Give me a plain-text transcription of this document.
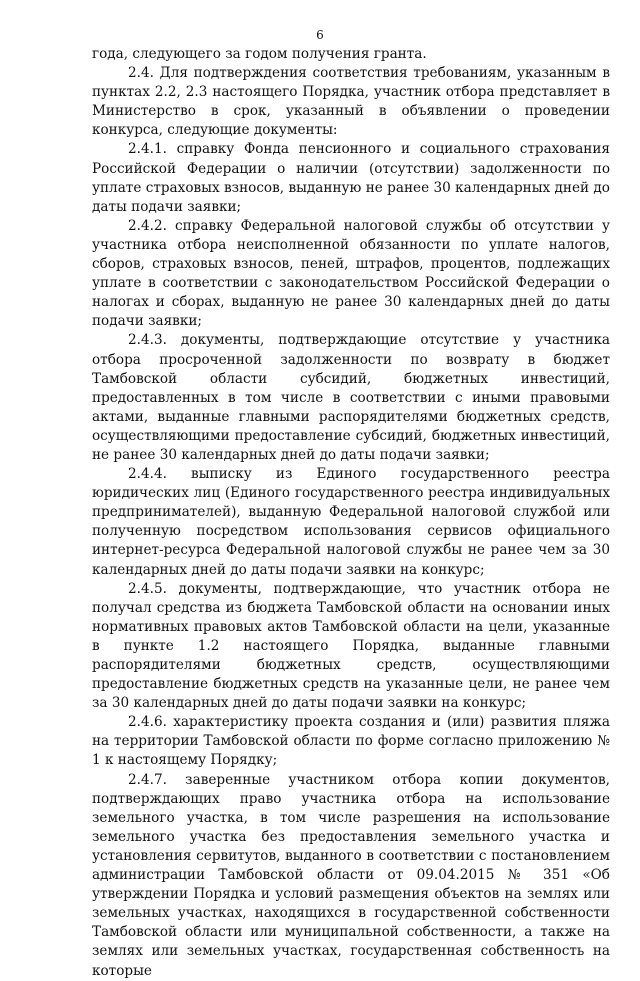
6

года, следующего за годом получения гранта.

2.4. Для подтверждения соответствия требованиям, указанным в пунктах 2.2, 2.3 настоящего Порядка, участник отбора представляет в Министерство в срок, указанный в объявлении о проведении конкурса, следующие документы:

2.4.1. справку Фонда пенсионного и социального страхования Российской Федерации о наличии (отсутствии) задолженности по уплате страховых взносов, выданную не ранее 30 календарных дней до даты подачи заявки;

2.4.2. справку Федеральной налоговой службы об отсутствии у участника отбора неисполненной обязанности по уплате налогов, сборов, страховых взносов, пеней, штрафов, процентов, подлежащих уплате в соответствии с законодательством Российской Федерации о налогах и сборах, выданную не ранее 30 календарных дней до даты подачи заявки;

2.4.3. документы, подтверждающие отсутствие у участника отбора просроченной задолженности по возврату в бюджет Тамбовской области субсидий, бюджетных инвестиций, предоставленных в том числе в соответствии с иными правовыми актами, выданные главными распорядителями бюджетных средств, осуществляющими предоставление субсидий, бюджетных инвестиций, не ранее 30 календарных дней до даты подачи заявки;

2.4.4. выписку из Единого государственного реестра юридических лиц (Единого государственного реестра индивидуальных предпринимателей), выданную Федеральной налоговой службой или полученную посредством использования сервисов официального интернет-ресурса Федеральной налоговой службы не ранее чем за 30 календарных дней до даты подачи заявки на конкурс;

2.4.5. документы, подтверждающие, что участник отбора не получал средства из бюджета Тамбовской области на основании иных нормативных правовых актов Тамбовской области на цели, указанные в пункте 1.2 настоящего Порядка, выданные главными распорядителями бюджетных средств, осуществляющими предоставление бюджетных средств на указанные цели, не ранее чем за 30 календарных дней до даты подачи заявки на конкурс;

2.4.6. характеристику проекта создания и (или) развития пляжа на территории Тамбовской области по форме согласно приложению № 1 к настоящему Порядку;

2.4.7. заверенные участником отбора копии документов, подтверждающих право участника отбора на использование земельного участка, в том числе разрешения на использование земельного участка без предоставления земельного участка и установления сервитутов, выданного в соответствии с постановлением администрации Тамбовской области от 09.04.2015 № 351 «Об утверждении Порядка и условий размещения объектов на землях или земельных участках, находящихся в государственной собственности Тамбовской области или муниципальной собственности, а также на землях или земельных участках, государственная собственность на которые
